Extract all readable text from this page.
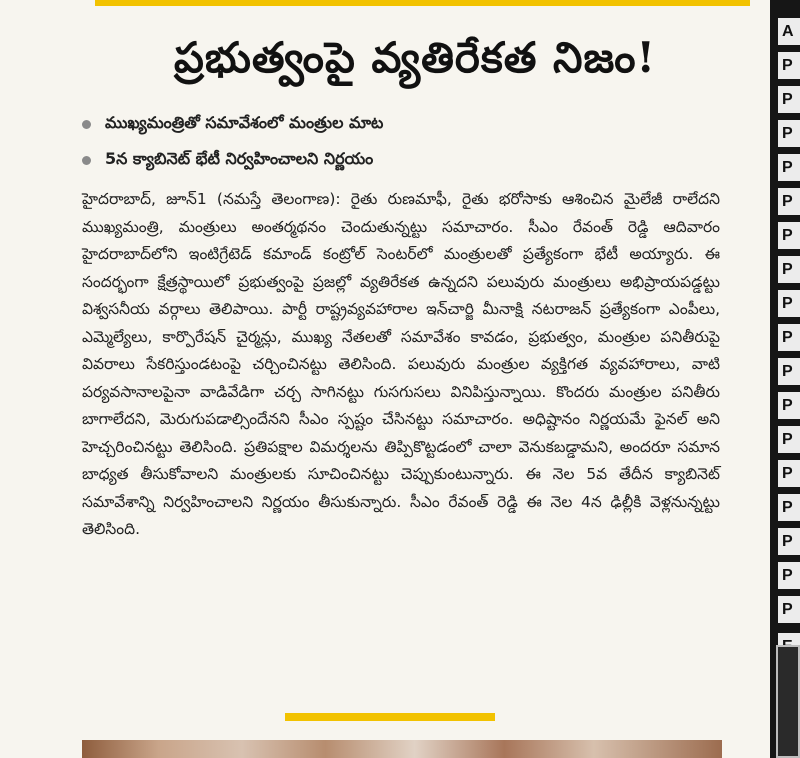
ప్రభుత్వంపై వ్యతిరేకత నిజం!
ముఖ్యమంత్రితో సమావేశంలో మంత్రుల మాట
5న క్యాబినెట్ భేటీ నిర్వహించాలని నిర్ణయం

హైదరాబాద్, జూన్1 (నమస్తే తెలంగాణ): రైతు రుణమాఫీ, రైతు భరోసాకు ఆశించిన మైలేజీ రాలేదని ముఖ్యమంత్రి, మంత్రులు అంతర్మథనం చెందుతున్నట్టు సమాచారం. సీఎం రేవంత్ రెడ్డి ఆదివారం హైదరాబాద్‌లోని ఇంటిగ్రేటెడ్ కమాండ్ కంట్రోల్ సెంటర్‌లో మంత్రులతో ప్రత్యేకంగా భేటీ అయ్యారు. ఈ సందర్భంగా క్షేత్రస్థాయిలో ప్రభుత్వంపై ప్రజల్లో వ్యతిరేకత ఉన్నదని పలువురు మంత్రులు అభిప్రాయపడ్డట్టు విశ్వసనీయ వర్గాలు తెలిపాయి. పార్టీ రాష్ట్రవ్యవహారాల ఇన్‌చార్జి మీనాక్షి నటరాజన్ ప్రత్యేకంగా ఎంపీలు, ఎమ్మెల్యేలు, కార్పొరేషన్ చైర్మన్లు, ముఖ్య నేతలతో సమావేశం కావడం, ప్రభుత్వం, మంత్రుల పనితీరుపై వివరాలు సేకరిస్తుండటంపై చర్చించినట్టు తెలిసింది. పలువురు మంత్రుల వ్యక్తిగత వ్యవహారాలు, వాటి పర్యవసానాలపైనా వాడివేడిగా చర్చ సాగినట్టు గుసగుసలు వినిపిస్తున్నాయి. కొందరు మంత్రుల పనితీరు బాగాలేదని, మెరుగుపడాల్సిందేనని సీఎం స్పష్టం చేసినట్టు సమాచారం. అధిష్టానం నిర్ణయమే ఫైనల్ అని హెచ్చరించినట్టు తెలిసింది. ప్రతిపక్షాల విమర్శలను తిప్పికొట్టడంలో చాలా వెనుకబడ్డామని, అందరూ సమాన బాధ్యత తీసుకోవాలని మంత్రులకు సూచించినట్టు చెప్పుకుంటున్నారు. ఈ నెల 5వ తేదీన క్యాబినెట్ సమావేశాన్ని నిర్వహించాలని నిర్ణయం తీసుకున్నారు. సీఎం రేవంత్ రెడ్డి ఈ నెల 4న ఢిల్లీకి వెళ్లనున్నట్టు తెలిసింది.

A
P
P
P
P
P
P
P
P
P
P
P
P
P
P
P
P
P
